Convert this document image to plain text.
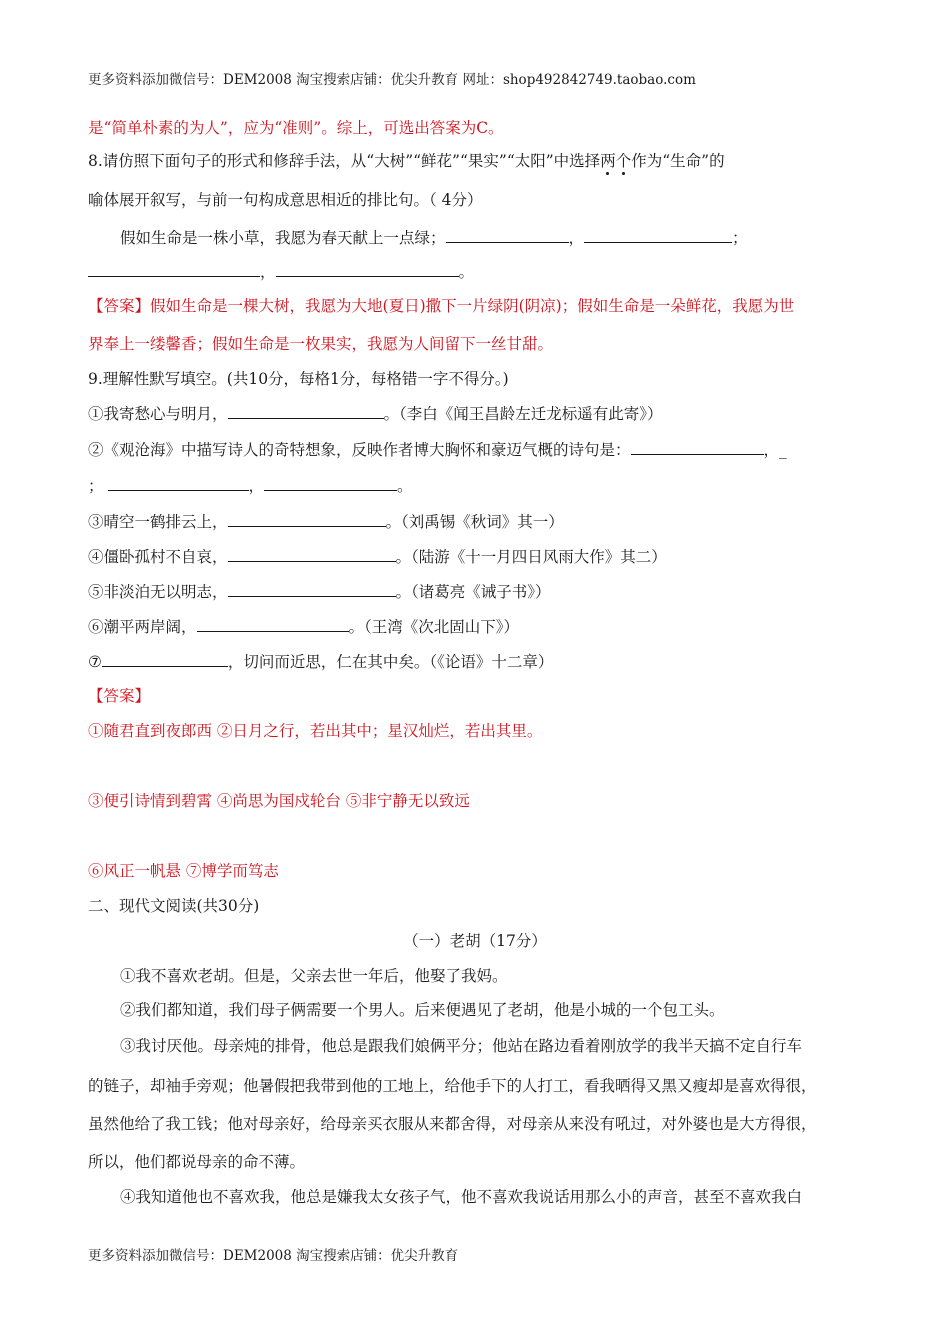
更多资料添加微信号：DEM2008 淘宝搜索店铺：优尖升教育 网址：shop492842749.taobao.com
是“简单朴素的为人”，应为“准则”。综上，可选出答案为C。
8.请仿照下面句子的形式和修辞手法，从“大树”“鲜花”“果实”“太阳”中选择两个作为“生命”的
喻体展开叙写，与前一句构成意思相近的排比句。（ 4分）
假如生命是一株小草，我愿为春天献上一点绿；	，	；
，	。
【答案】假如生命是一棵大树，我愿为大地(夏日)撒下一片绿阴(阴凉)；假如生命是一朵鲜花，我愿为世
界奉上一缕馨香；假如生命是一枚果实，我愿为人间留下一丝甘甜。
9.理解性默写填空。(共10分，每格1分，每格错一字不得分。)
①我寄愁心与明月，	。（李白《闻王昌龄左迁龙标遥有此寄》）
②《观沧海》中描写诗人的奇特想象，反映作者博大胸怀和豪迈气概的诗句是：	，_
；	，	。
③晴空一鹤排云上，	。（刘禹锡《秋词》其一）
④僵卧孤村不自哀，	。（陆游《十一月四日风雨大作》其二）
⑤非淡泊无以明志，	。（诸葛亮《诫子书》）
⑥潮平两岸阔，	。（王湾《次北固山下》）
⑦	，切问而近思，仁在其中矣。（《论语》十二章）
【答案】
①随君直到夜郎西 ②日月之行，若出其中；星汉灿烂，若出其里。
③便引诗情到碧霄 ④尚思为国戍轮台 ⑤非宁静无以致远
⑥风正一帆悬 ⑦博学而笃志
二、现代文阅读(共30分)
（一）老胡（17分）
①我不喜欢老胡。但是，父亲去世一年后，他娶了我妈。
②我们都知道，我们母子俩需要一个男人。后来便遇见了老胡，他是小城的一个包工头。
③我讨厌他。母亲炖的排骨，他总是跟我们娘俩平分；他站在路边看着刚放学的我半天搞不定自行车
的链子，却袖手旁观；他暑假把我带到他的工地上，给他手下的人打工，看我晒得又黑又瘦却是喜欢得很，
虽然他给了我工钱；他对母亲好，给母亲买衣服从来都舍得，对母亲从来没有吼过，对外婆也是大方得很，
所以，他们都说母亲的命不薄。
④我知道他也不喜欢我，他总是嫌我太女孩子气，他不喜欢我说话用那么小的声音，甚至不喜欢我白
更多资料添加微信号：DEM2008 淘宝搜索店铺：优尖升教育
